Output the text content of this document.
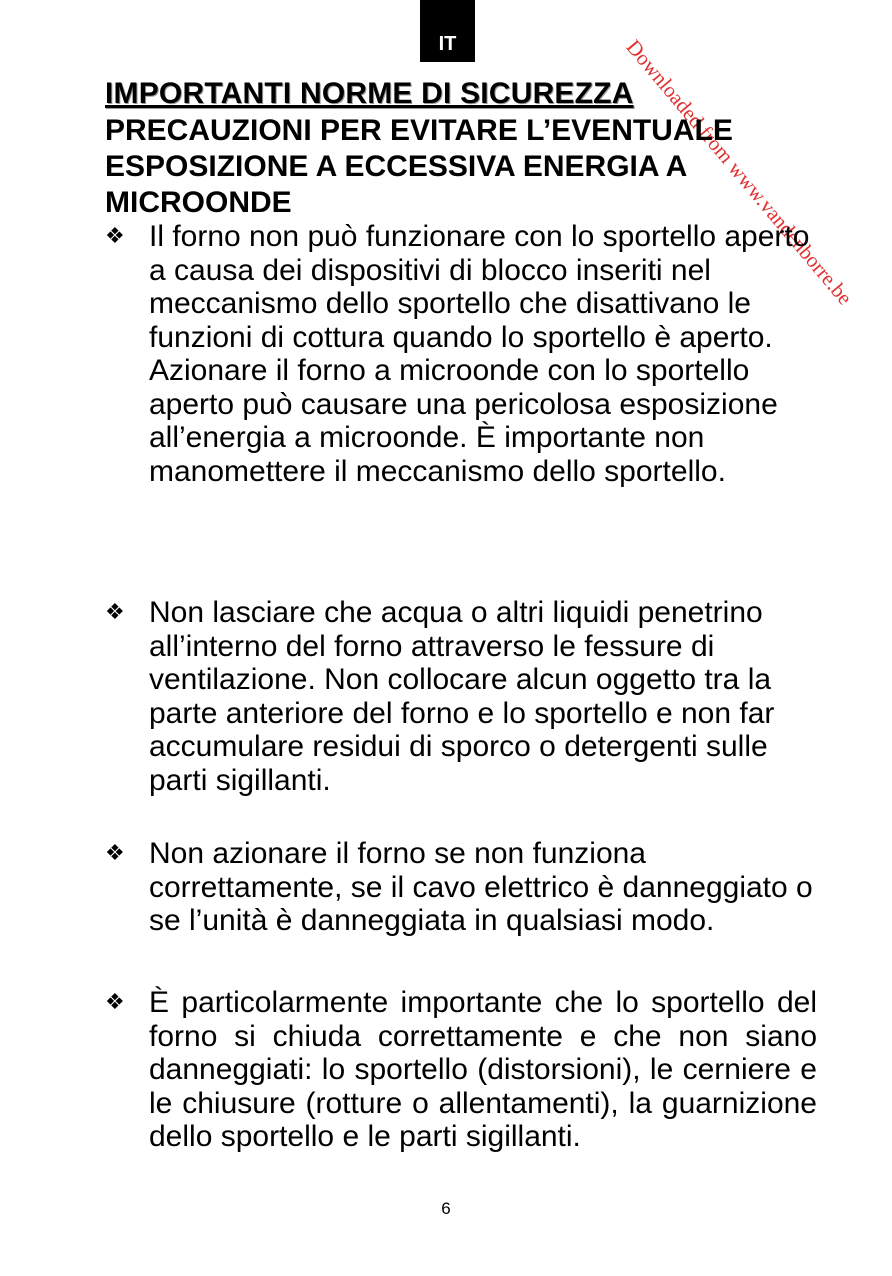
IT	Downloaded from www.vandenborre.be
IMPORTANTI NORME DI SICUREZZA
PRECAUZIONI PER EVITARE L’EVENTUALE ESPOSIZIONE A ECCESSIVA ENERGIA A MICROONDE
❖ Il forno non può funzionare con lo sportello aperto a causa dei dispositivi di blocco inseriti nel meccanismo dello sportello che disattivano le funzioni di cottura quando lo sportello è aperto. Azionare il forno a microonde con lo sportello aperto può causare una pericolosa esposizione all’energia a microonde. È importante non manomettere il meccanismo dello sportello.
❖ Non lasciare che acqua o altri liquidi penetrino all’interno del forno attraverso le fessure di ventilazione. Non collocare alcun oggetto tra la parte anteriore del forno e lo sportello e non far accumulare residui di sporco o detergenti sulle parti sigillanti.
❖ Non azionare il forno se non funziona correttamente, se il cavo elettrico è danneggiato o se l’unità è danneggiata in qualsiasi modo.
❖ È particolarmente importante che lo sportello del forno si chiuda correttamente e che non siano danneggiati: lo sportello (distorsioni), le cerniere e le chiusure (rotture o allentamenti), la guarnizione dello sportello e le parti sigillanti.
6
